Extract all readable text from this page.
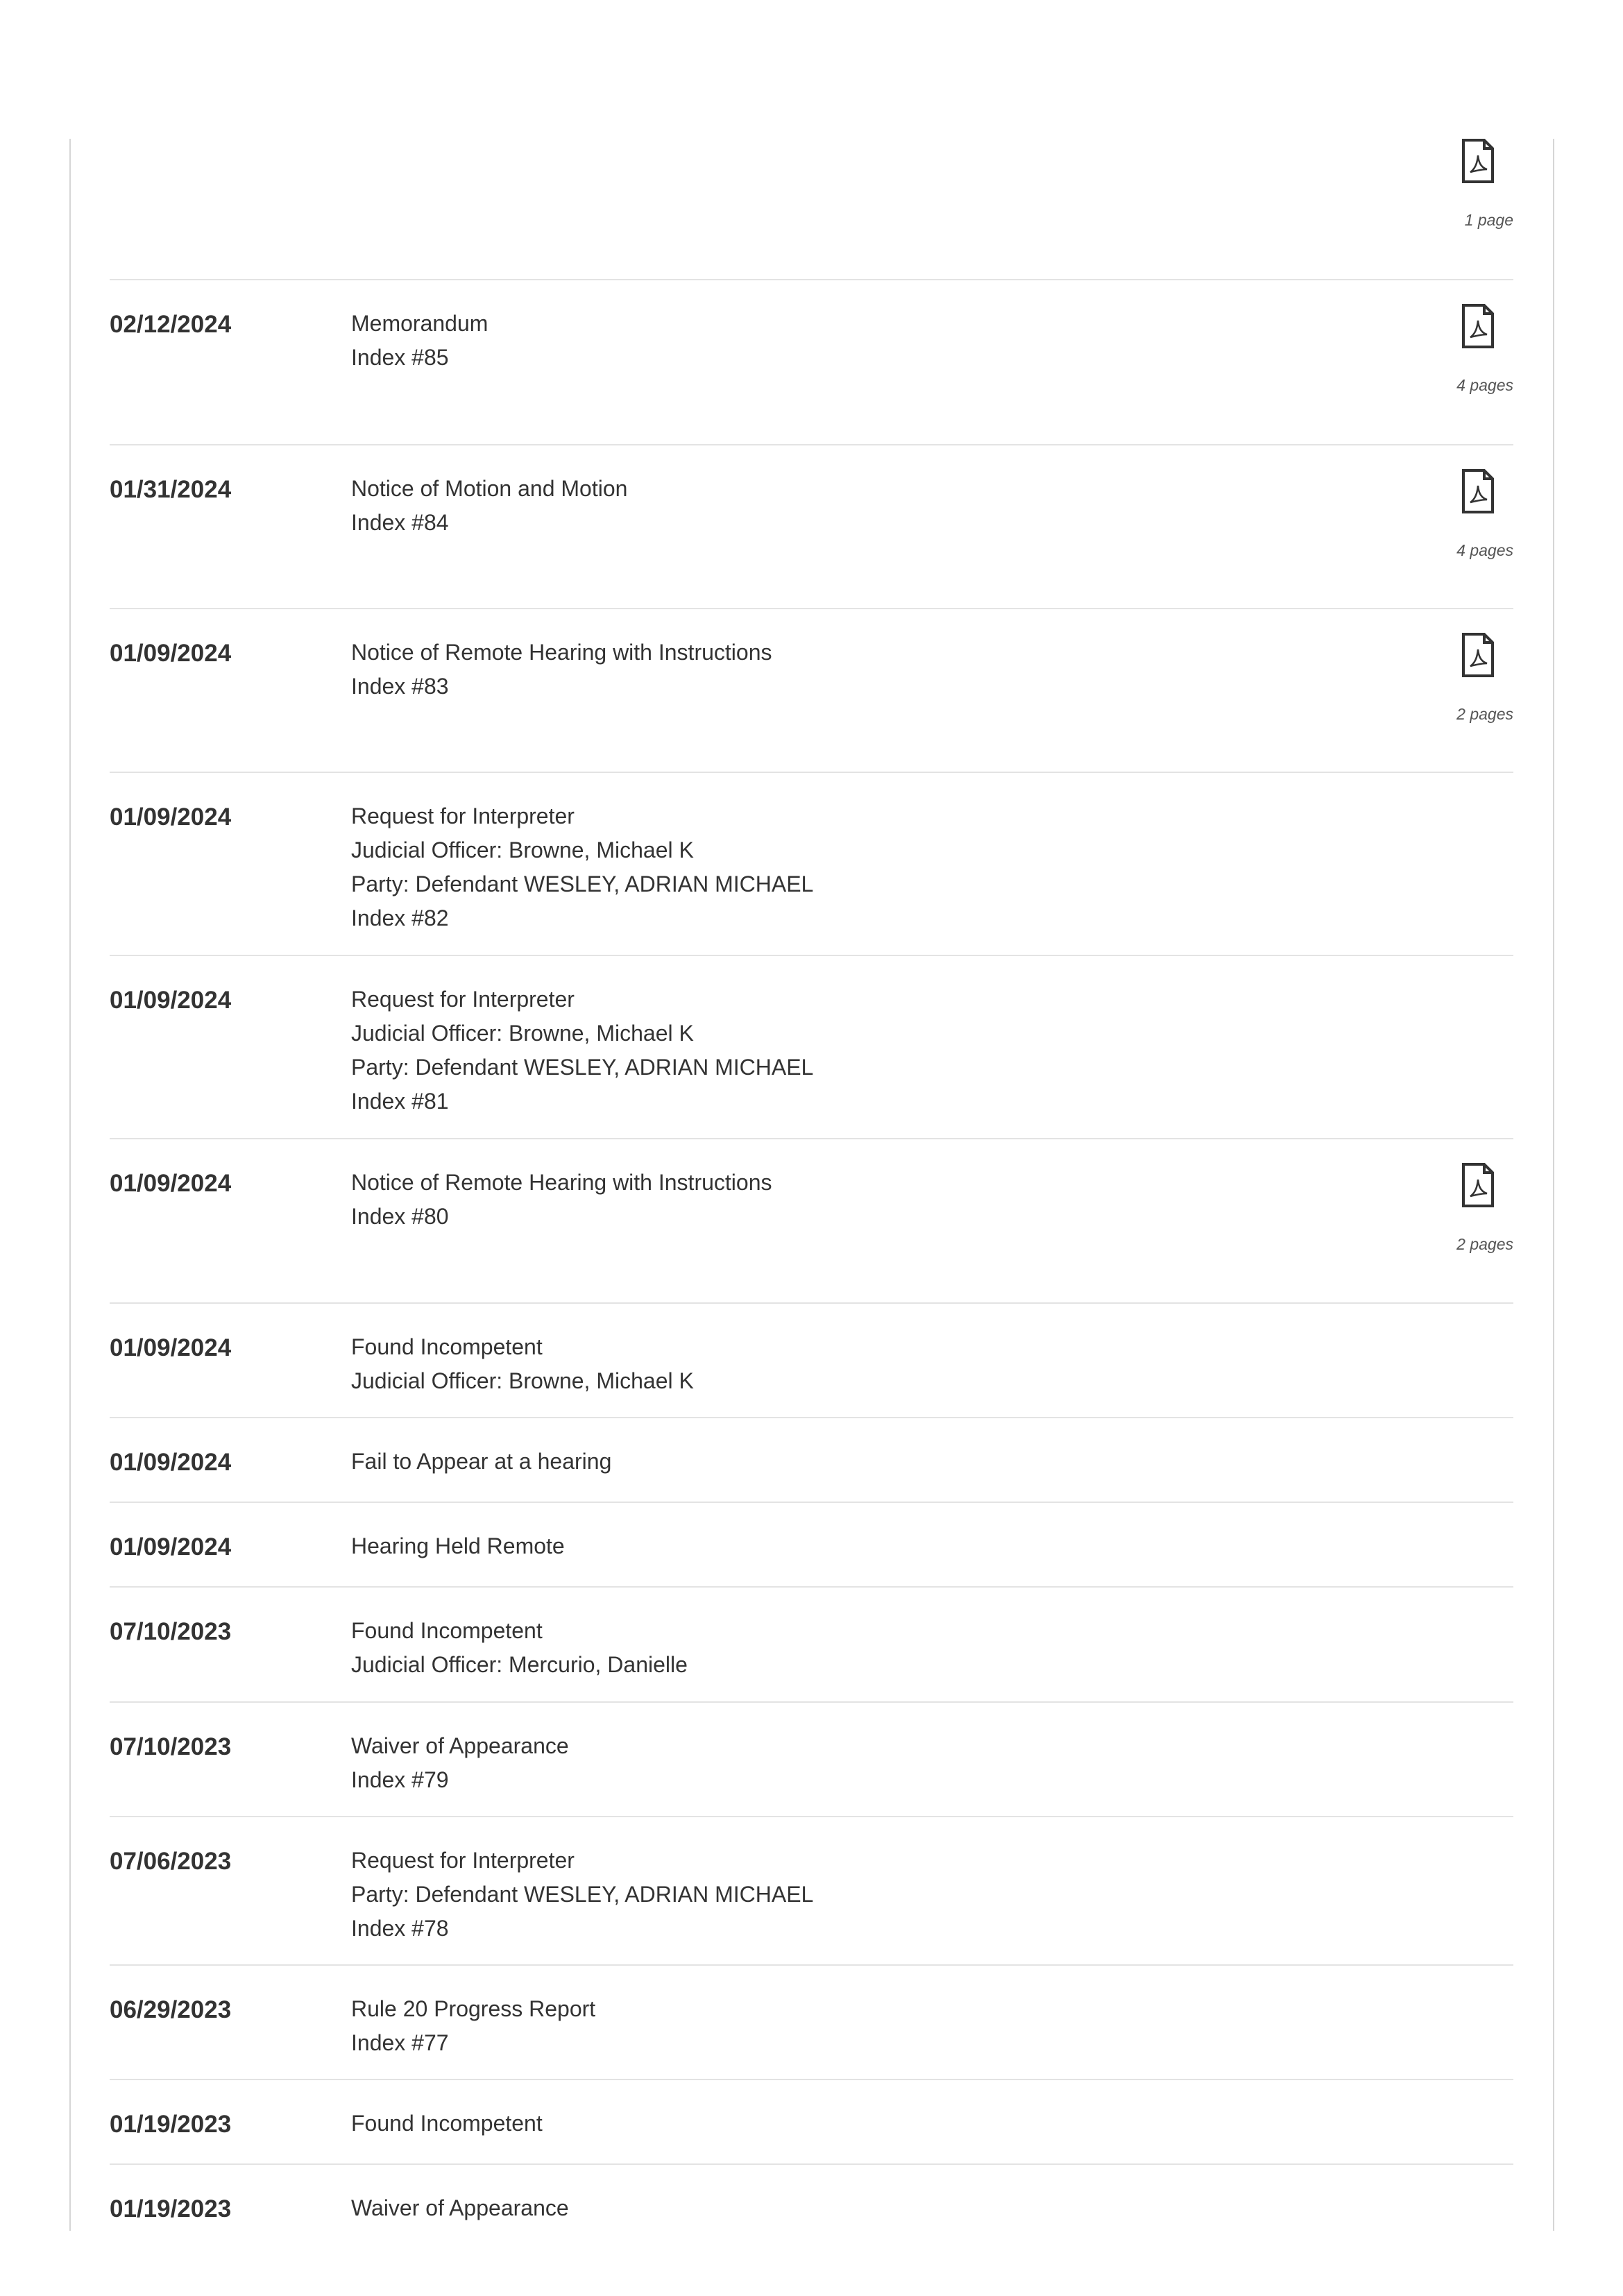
1 page
02/12/2024	Memorandum
Index #85
4 pages
01/31/2024	Notice of Motion and Motion
Index #84
4 pages
01/09/2024	Notice of Remote Hearing with Instructions
Index #83
2 pages
01/09/2024	Request for Interpreter
Judicial Officer: Browne, Michael K
Party: Defendant WESLEY, ADRIAN MICHAEL
Index #82
01/09/2024	Request for Interpreter
Judicial Officer: Browne, Michael K
Party: Defendant WESLEY, ADRIAN MICHAEL
Index #81
01/09/2024	Notice of Remote Hearing with Instructions
Index #80
2 pages
01/09/2024	Found Incompetent
Judicial Officer: Browne, Michael K
01/09/2024	Fail to Appear at a hearing
01/09/2024	Hearing Held Remote
07/10/2023	Found Incompetent
Judicial Officer: Mercurio, Danielle
07/10/2023	Waiver of Appearance
Index #79
07/06/2023	Request for Interpreter
Party: Defendant WESLEY, ADRIAN MICHAEL
Index #78
06/29/2023	Rule 20 Progress Report
Index #77
01/19/2023	Found Incompetent
01/19/2023	Waiver of Appearance
